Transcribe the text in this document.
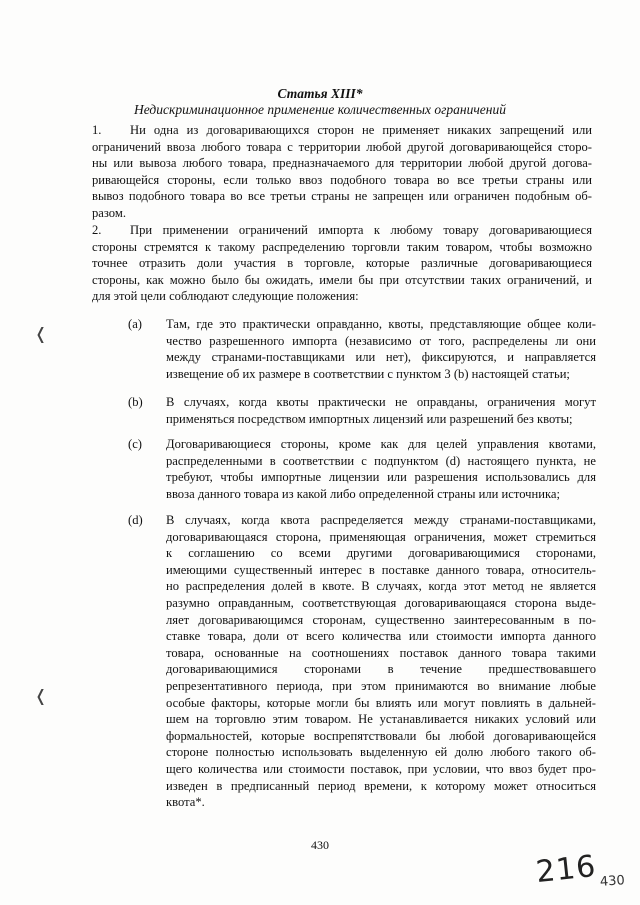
Статья XIII*
Недискриминационное применение количественных ограничений
1. Ни одна из договаривающихся сторон не применяет никаких запрещений или
ограничений ввоза любого товара с территории любой другой договаривающейся сторо-
ны или вывоза любого товара, предназначаемого для территории любой другой догова-
ривающейся стороны, если только ввоз подобного товара во все третьи страны или
вывоз подобного товара во все третьи страны не запрещен или ограничен подобным об-
разом.
2. При применении ограничений импорта к любому товару договаривающиеся
стороны стремятся к такому распределению торговли таким товаром, чтобы возможно
точнее отразить доли участия в торговле, которые различные договаривающиеся
стороны, как можно было бы ожидать, имели бы при отсутствии таких ограничений, и
для этой цели соблюдают следующие положения:
(a)	Там, где это практически оправданно, квоты, представляющие общее коли-
чество разрешенного импорта (независимо от того, распределены ли они
между странами-поставщиками или нет), фиксируются, и направляется
извещение об их размере в соответствии с пунктом 3 (b) настоящей статьи;
(b)	В случаях, когда квоты практически не оправданы, ограничения могут
применяться посредством импортных лицензий или разрешений без квоты;
(c)	Договаривающиеся стороны, кроме как для целей управления квотами,
распределенными в соответствии с подпунктом (d) настоящего пункта, не
требуют, чтобы импортные лицензии или разрешения использовались для
ввоза данного товара из какой либо определенной страны или источника;
(d)	В случаях, когда квота распределяется между странами-поставщиками,
договаривающаяся сторона, применяющая ограничения, может стремиться
к соглашению со всеми другими договаривающимися сторонами,
имеющими существенный интерес в поставке данного товара, относитель-
но распределения долей в квоте. В случаях, когда этот метод не является
разумно оправданным, соответствующая договаривающаяся сторона выде-
ляет договаривающимся сторонам, существенно заинтересованным в по-
ставке товара, доли от всего количества или стоимости импорта данного
товара, основанные на соотношениях поставок данного товара такими
договаривающимися сторонами в течение предшествовавшего
репрезентативного периода, при этом принимаются во внимание любые
особые факторы, которые могли бы влиять или могут повлиять в дальней-
шем на торговлю этим товаром. Не устанавливается никаких условий или
формальностей, которые воспрепятствовали бы любой договаривающейся
стороне полностью использовать выделенную ей долю любого такого об-
щего количества или стоимости поставок, при условии, что ввоз будет про-
изведен в предписанный период времени, к которому может относиться
квота*.
❬
❬
430
216 430
